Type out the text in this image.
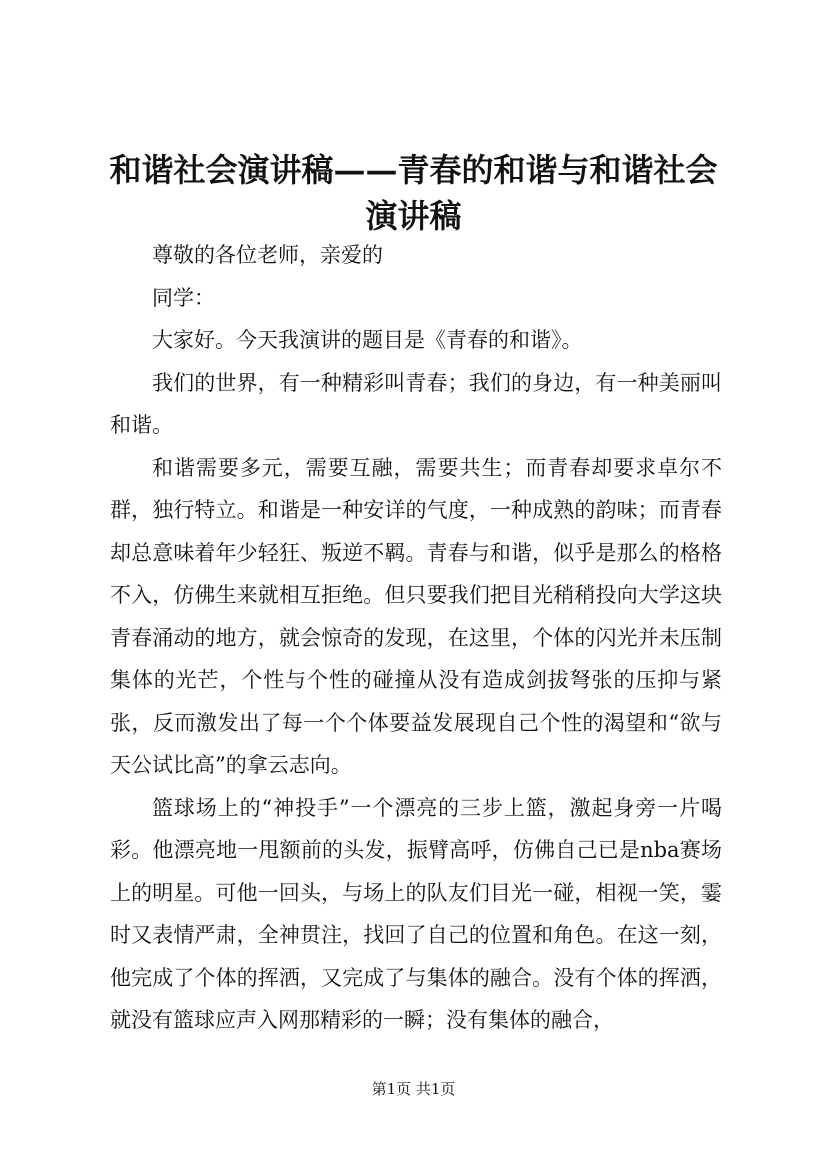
和谐社会演讲稿——青春的和谐与和谐社会演讲稿

尊敬的各位老师，亲爱的

同学：

大家好。今天我演讲的题目是《青春的和谐》。

我们的世界，有一种精彩叫青春；我们的身边，有一种美丽叫和谐。

和谐需要多元，需要互融，需要共生；而青春却要求卓尔不群，独行特立。和谐是一种安详的气度，一种成熟的韵味；而青春却总意味着年少轻狂、叛逆不羁。青春与和谐，似乎是那么的格格不入，仿佛生来就相互拒绝。但只要我们把目光稍稍投向大学这块青春涌动的地方，就会惊奇的发现，在这里，个体的闪光并未压制集体的光芒，个性与个性的碰撞从没有造成剑拔弩张的压抑与紧张，反而激发出了每一个个体要益发展现自己个性的渴望和“欲与天公试比高”的拿云志向。

篮球场上的“神投手”一个漂亮的三步上篮，激起身旁一片喝彩。他漂亮地一甩额前的头发，振臂高呼，仿佛自己已是nba赛场上的明星。可他一回头，与场上的队友们目光一碰，相视一笑，霎时又表情严肃，全神贯注，找回了自己的位置和角色。在这一刻，他完成了个体的挥洒，又完成了与集体的融合。没有个体的挥洒，就没有篮球应声入网那精彩的一瞬；没有集体的融合，

第1页 共1页
